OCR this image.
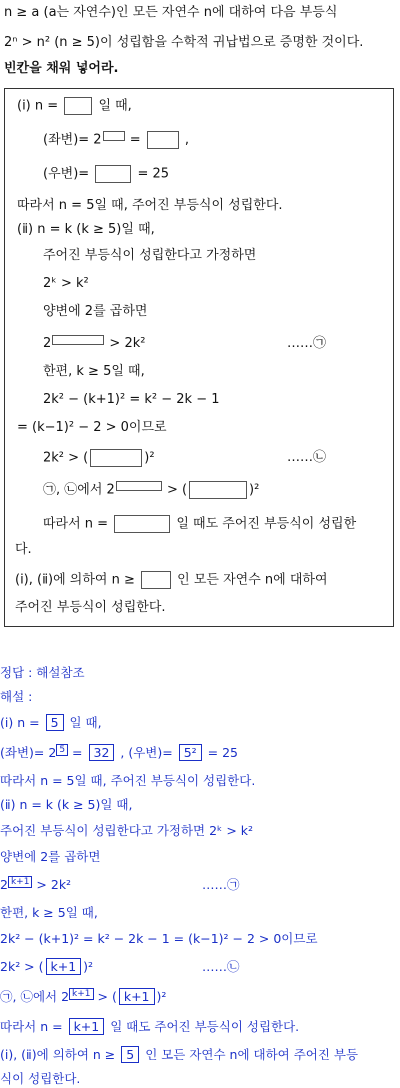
n ≥ a (a는 자연수)인 모든 자연수 n에 대하여 다음 부등식
2ⁿ > n² (n ≥ 5)이 성립함을 수학적 귀납법으로 증명한 것이다.
빈칸을 채워 넣어라.
(ⅰ) n =	일 때,
(좌변)= 2 =	,
(우변)=	= 25
따라서 n = 5일 때, 주어진 부등식이 성립한다.
(ⅱ) n = k (k ≥ 5)일 때,
주어진 부등식이 성립한다고 가정하면
2ᵏ > k²
양변에 2를 곱하면
2	> 2k²	……㉠
한편, k ≥ 5일 때,
2k² − (k+1)² = k² − 2k − 1
= (k−1)² − 2 > 0이므로
2k² > (	)²	……㉡
㉠, ㉡에서 2	> (	)²
따라서 n =	일 때도 주어진 부등식이 성립한
다.
(ⅰ), (ⅱ)에 의하여 n ≥	인 모든 자연수 n에 대하여
주어진 부등식이 성립한다.
정답 : 해설참조
해설 :
(ⅰ) n = 5 일 때,
(좌변)= 2 5 = 32 , (우변)= 5² = 25
따라서 n = 5일 때, 주어진 부등식이 성립한다.
(ⅱ) n = k (k ≥ 5)일 때,
주어진 부등식이 성립한다고 가정하면 2ᵏ > k²
양변에 2를 곱하면
2 k+1 > 2k²	……㉠
한편, k ≥ 5일 때,
2k² − (k+1)² = k² − 2k − 1 = (k−1)² − 2 > 0이므로
2k² > ( k+1 )²	……㉡
㉠, ㉡에서 2 k+1 > ( k+1 )²
따라서 n = k+1 일 때도 주어진 부등식이 성립한다.
(ⅰ), (ⅱ)에 의하여 n ≥ 5 인 모든 자연수 n에 대하여 주어진 부등
식이 성립한다.
